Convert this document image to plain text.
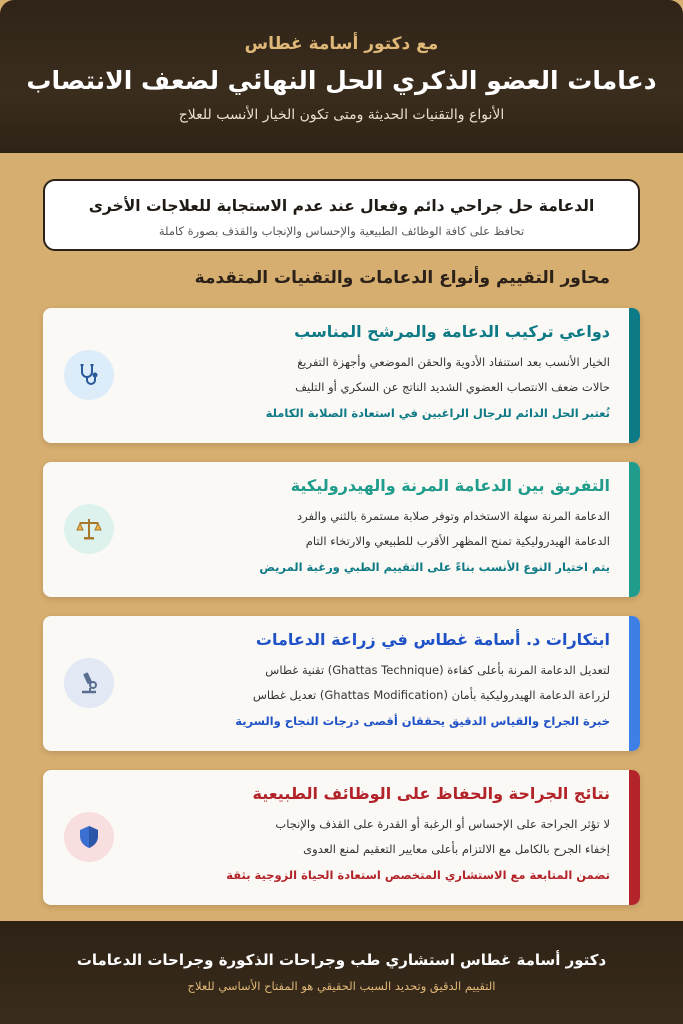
مع دكتور أسامة غطاس
دعامات العضو الذكري الحل النهائي لضعف الانتصاب
الأنواع والتقنيات الحديثة ومتى تكون الخيار الأنسب للعلاج
الدعامة حل جراحي دائم وفعال عند عدم الاستجابة للعلاجات الأخرى
تحافظ على كافة الوظائف الطبيعية والإحساس والإنجاب والقذف بصورة كاملة
محاور التقييم وأنواع الدعامات والتقنيات المتقدمة
دواعي تركيب الدعامة والمرشح المناسب
الخيار الأنسب بعد استنفاد الأدوية والحقن الموضعي وأجهزة التفريغ
حالات ضعف الانتصاب العضوي الشديد الناتج عن السكري أو التليف
تُعتبر الحل الدائم للرجال الراغبين في استعادة الصلابة الكاملة
التفريق بين الدعامة المرنة والهيدروليكية
الدعامة المرنة سهلة الاستخدام وتوفر صلابة مستمرة بالثني والفرد
الدعامة الهيدروليكية تمنح المظهر الأقرب للطبيعي والارتخاء التام
يتم اختيار النوع الأنسب بناءً على التقييم الطبي ورغبة المريض
ابتكارات د. أسامة غطاس في زراعة الدعامات
لتعديل الدعامة المرنة بأعلى كفاءة (Ghattas Technique) تقنية غطاس
لزراعة الدعامة الهيدروليكية بأمان (Ghattas Modification) تعديل غطاس
خبرة الجراح والقياس الدقيق يحققان أقصى درجات النجاح والسرية
نتائج الجراحة والحفاظ على الوظائف الطبيعية
لا تؤثر الجراحة على الإحساس أو الرغبة أو القدرة على القذف والإنجاب
إخفاء الجرح بالكامل مع الالتزام بأعلى معايير التعقيم لمنع العدوى
تضمن المتابعة مع الاستشاري المتخصص استعادة الحياة الزوجية بثقة
دكتور أسامة غطاس استشاري طب وجراحات الذكورة وجراحات الدعامات
التقييم الدقيق وتحديد السبب الحقيقي هو المفتاح الأساسي للعلاج
